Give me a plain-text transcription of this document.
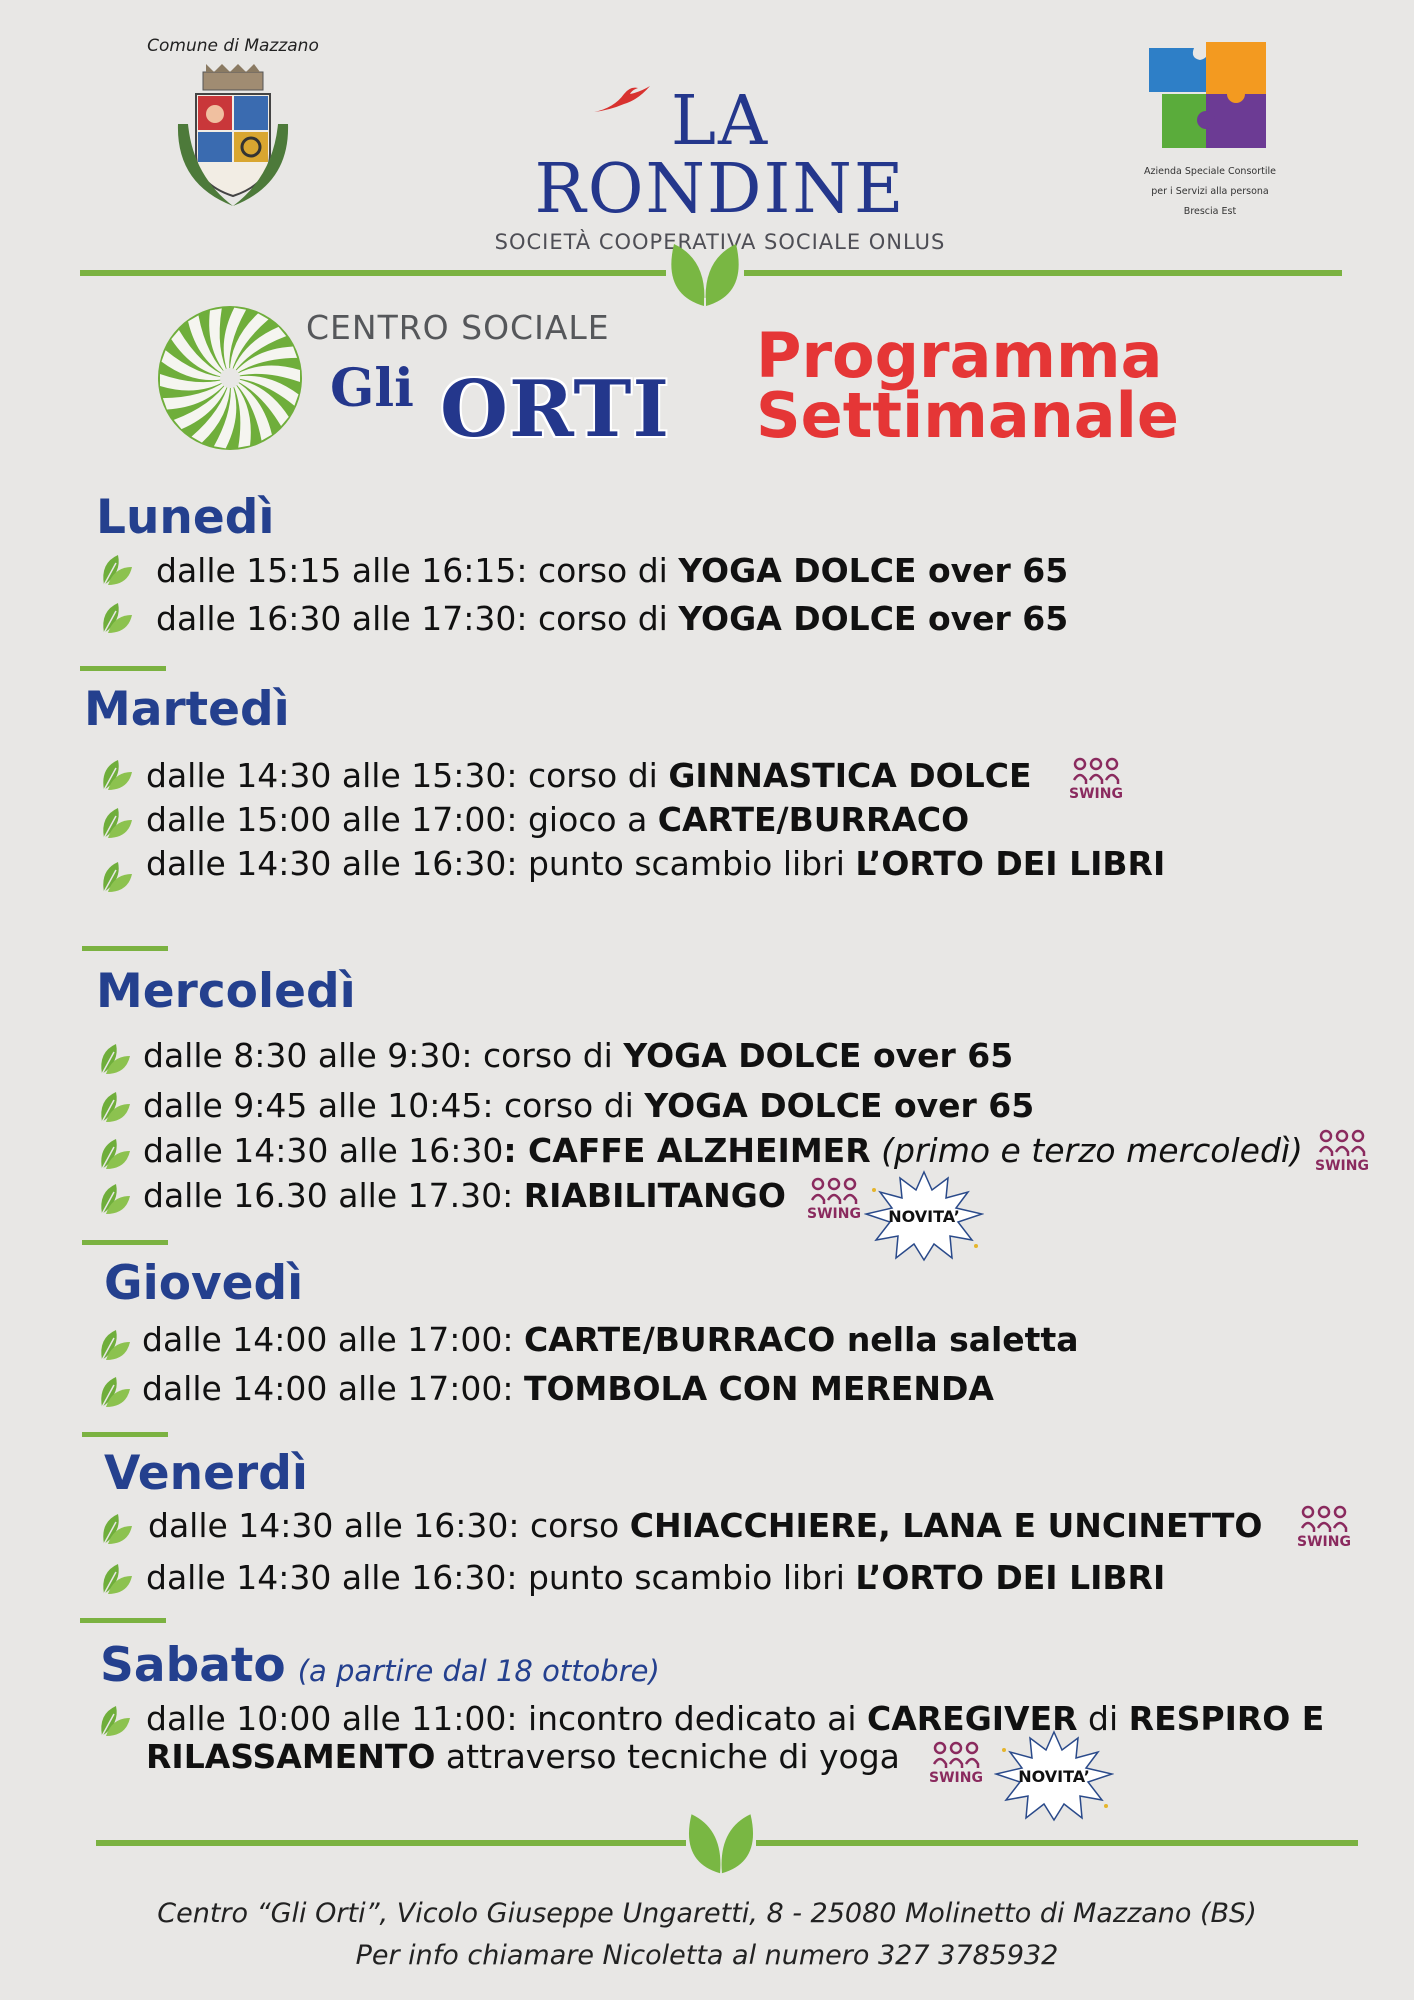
Comune di Mazzano
LA RONDINE
SOCIETÀ COOPERATIVA SOCIALE ONLUS
Azienda Speciale Consortile
per i Servizi alla persona
Brescia Est
CENTRO SOCIALE
Gli ORTI
Programma
Settimanale
Lunedì
dalle 15:15 alle 16:15: corso di YOGA DOLCE over 65
dalle 16:30 alle 17:30: corso di YOGA DOLCE over 65
Martedì
dalle 14:30 alle 15:30: corso di GINNASTICA DOLCE
dalle 15:00 alle 17:00: gioco a CARTE/BURRACO
dalle 14:30 alle 16:30: punto scambio libri L’ORTO DEI LIBRI
Mercoledì
dalle 8:30 alle 9:30: corso di YOGA DOLCE over 65
dalle 9:45 alle 10:45: corso di YOGA DOLCE over 65
dalle 14:30 alle 16:30: CAFFE ALZHEIMER (primo e terzo mercoledì)
dalle 16.30 alle 17.30: RIABILITANGO
Giovedì
dalle 14:00 alle 17:00: CARTE/BURRACO nella saletta
dalle 14:00 alle 17:00: TOMBOLA CON MERENDA
Venerdì
dalle 14:30 alle 16:30: corso CHIACCHIERE, LANA E UNCINETTO
dalle 14:30 alle 16:30: punto scambio libri L’ORTO DEI LIBRI
Sabato (a partire dal 18 ottobre)
dalle 10:00 alle 11:00: incontro dedicato ai CAREGIVER di RESPIRO E
RILASSAMENTO attraverso tecniche di yoga
Centro “Gli Orti”, Vicolo Giuseppe Ungaretti, 8 - 25080 Molinetto di Mazzano (BS)
Per info chiamare Nicoletta al numero 327 3785932
